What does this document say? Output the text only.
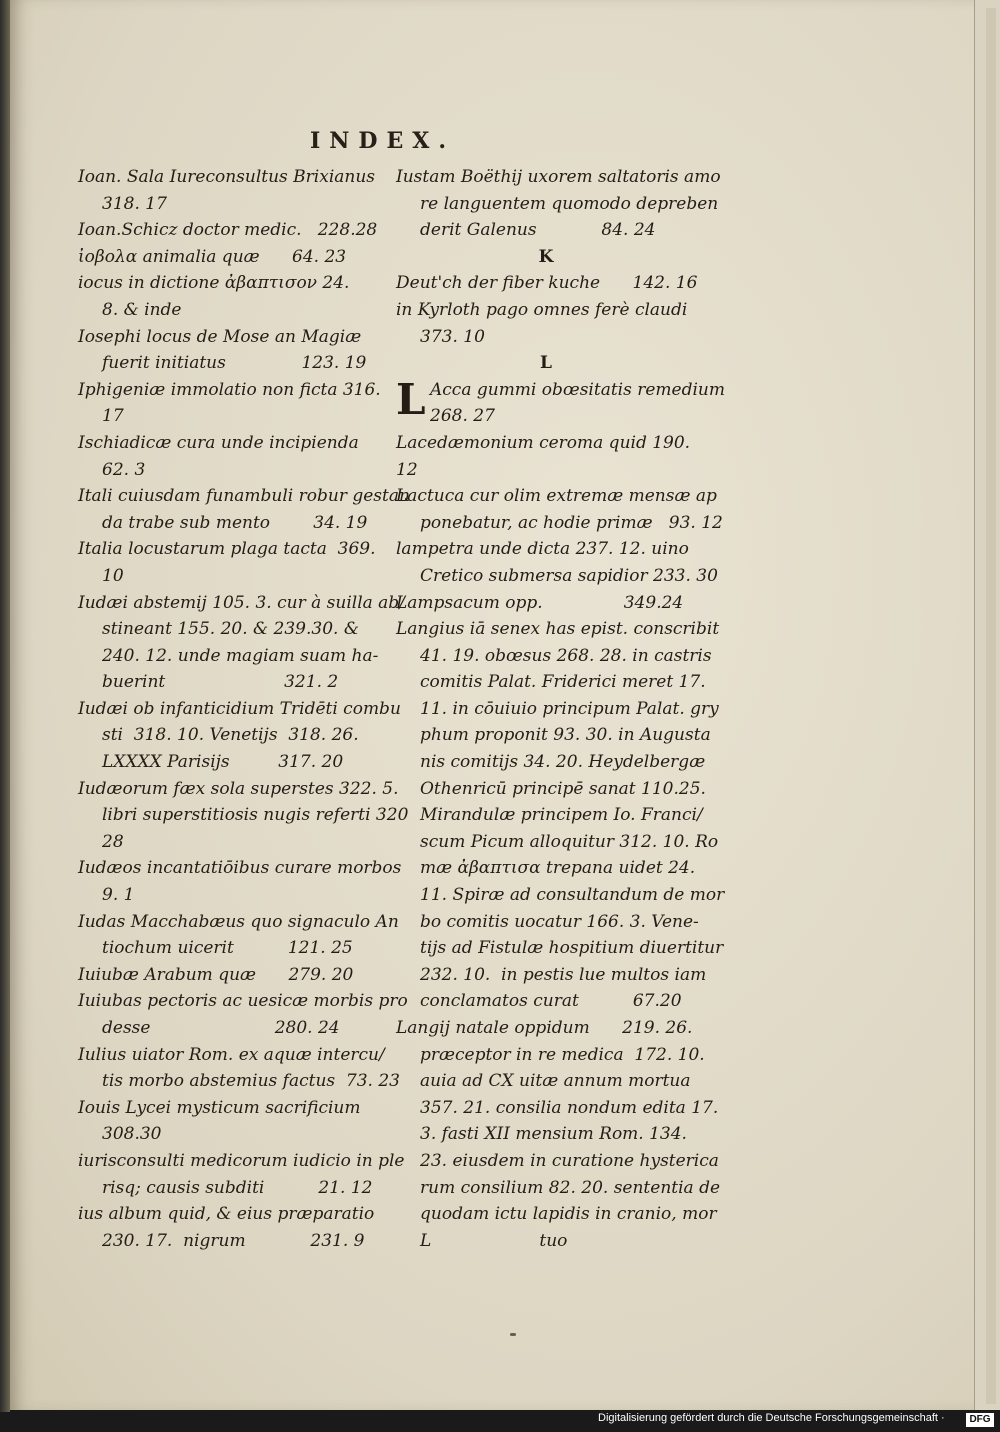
INDEX.
Ioan. Sala Iureconsultus Brixianus
318. 17
Ioan.Schicz doctor medic.   228.28
ἰοβολα animalia quæ      64. 23
iocus in dictione ἀβαπτισον 24.
8. & inde
Iosephi locus de Mose an Magiæ
fuerit initiatus              123. 19
Iphigeniæ immolatio non ficta 316.
17
Ischiadicæ cura unde incipienda
62. 3
Itali cuiusdam funambuli robur gestan
da trabe sub mento        34. 19
Italia locustarum plaga tacta  369.
10
Iudæi abstemij 105. 3. cur à suilla ab/
stineant 155. 20. & 239.30. &
240. 12. unde magiam suam ha-
buerint                      321. 2
Iudæi ob infanticidium Tridēti combu
sti  318. 10. Venetijs  318. 26.
LXXXX Parisijs         317. 20
Iudæorum fæx sola superstes 322. 5.
libri superstitiosis nugis referti 320
28
Iudæos incantatiōibus curare morbos
9. 1
Iudas Macchabæus quo signaculo An
tiochum uicerit          121. 25
Iuiubæ Arabum quæ      279. 20
Iuiubas pectoris ac uesicæ morbis pro
desse                       280. 24
Iulius uiator Rom. ex aquæ intercu/
tis morbo abstemius factus  73. 23
Iouis Lycei mysticum sacrificium
308.30
iurisconsulti medicorum iudicio in ple
risq; causis subditi          21. 12
ius album quid, & eius præparatio
230. 17.  nigrum            231. 9
Iustam Boëthij uxorem saltatoris amo
re languentem quomodo depreben
derit Galenus            84. 24
K
Deut'ch der fiber kuche      142. 16
in Kyrloth pago omnes ferè claudi
373. 10
L
L Acca gummi obœsitatis remedium
268. 27
Lacedæmonium ceroma quid 190.
12
Lactuca cur olim extremæ mensæ ap
ponebatur, ac hodie primæ   93. 12
lampetra unde dicta 237. 12. uino
Cretico submersa sapidior 233. 30
Lampsacum opp.               349.24
Langius iā senex has epist. conscribit
41. 19. obœsus 268. 28. in castris
comitis Palat. Friderici meret 17.
11. in cōuiuio principum Palat. gry
phum proponit 93. 30. in Augusta
nis comitijs 34. 20. Heydelbergæ
Othenricū principē sanat 110.25.
Mirandulæ principem Io. Franci/
scum Picum alloquitur 312. 10. Ro
mæ ἀβαπτισα trepana uidet 24.
11. Spiræ ad consultandum de mor
bo comitis uocatur 166. 3. Vene-
tijs ad Fistulæ hospitium diuertitur
232. 10.  in pestis lue multos iam
conclamatos curat          67.20
Langij natale oppidum      219. 26.
præceptor in re medica  172. 10.
auia ad CX uitæ annum mortua
357. 21. consilia nondum edita 17.
3. fasti XII mensium Rom. 134.
23. eiusdem in curatione hysterica
rum consilium 82. 20. sententia de
quodam ictu lapidis in cranio, mor
L                    tuo
Digitalisierung gefördert durch die Deutsche Forschungsgemeinschaft ·	DFG
